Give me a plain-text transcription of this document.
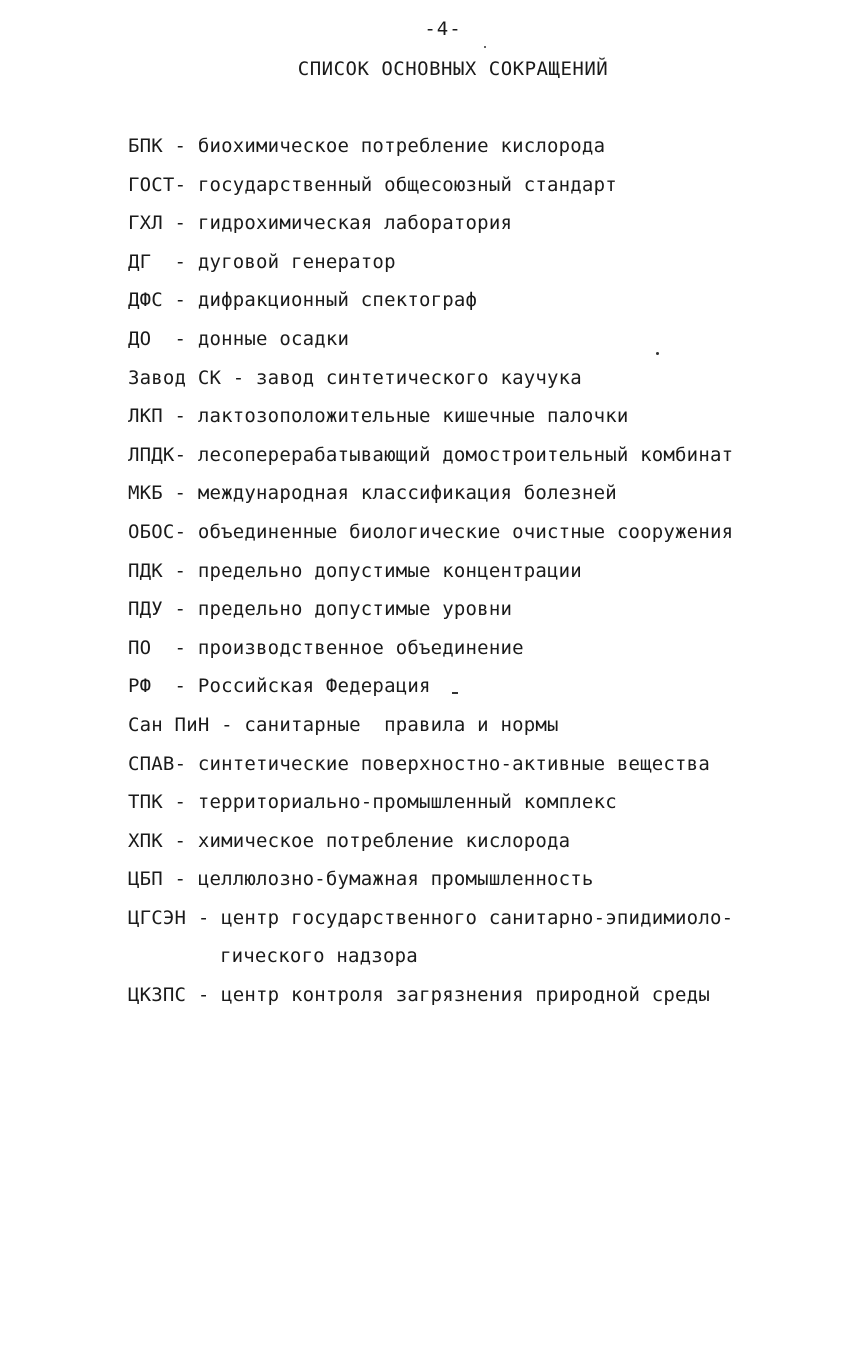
-4-
СПИСОК ОСНОВНЫХ СОКРАЩЕНИЙ
БПК - биохимическое потребление кислорода
ГОСТ- государственный общесоюзный стандарт
ГХЛ - гидрохимическая лаборатория
ДГ  - дуговой генератор
ДФС - дифракционный спектограф
ДО  - донные осадки
Завод СК - завод синтетического каучука
ЛКП - лактозоположительные кишечные палочки
ЛПДК- лесоперерабатывающий домостроительный комбинат
МКБ - международная классификация болезней
ОБОС- объединенные биологические очистные сооружения
ПДК - предельно допустимые концентрации
ПДУ - предельно допустимые уровни
ПО  - производственное объединение
РФ  - Российская Федерация
Сан ПиН - санитарные  правила и нормы
СПАВ- синтетические поверхностно-активные вещества
ТПК - территориально-промышленный комплекс
ХПК - химическое потребление кислорода
ЦБП - целлюлозно-бумажная промышленность
ЦГСЭН - центр государственного санитарно-эпидимиоло-
гического надзора
ЦКЗПС - центр контроля загрязнения природной среды
